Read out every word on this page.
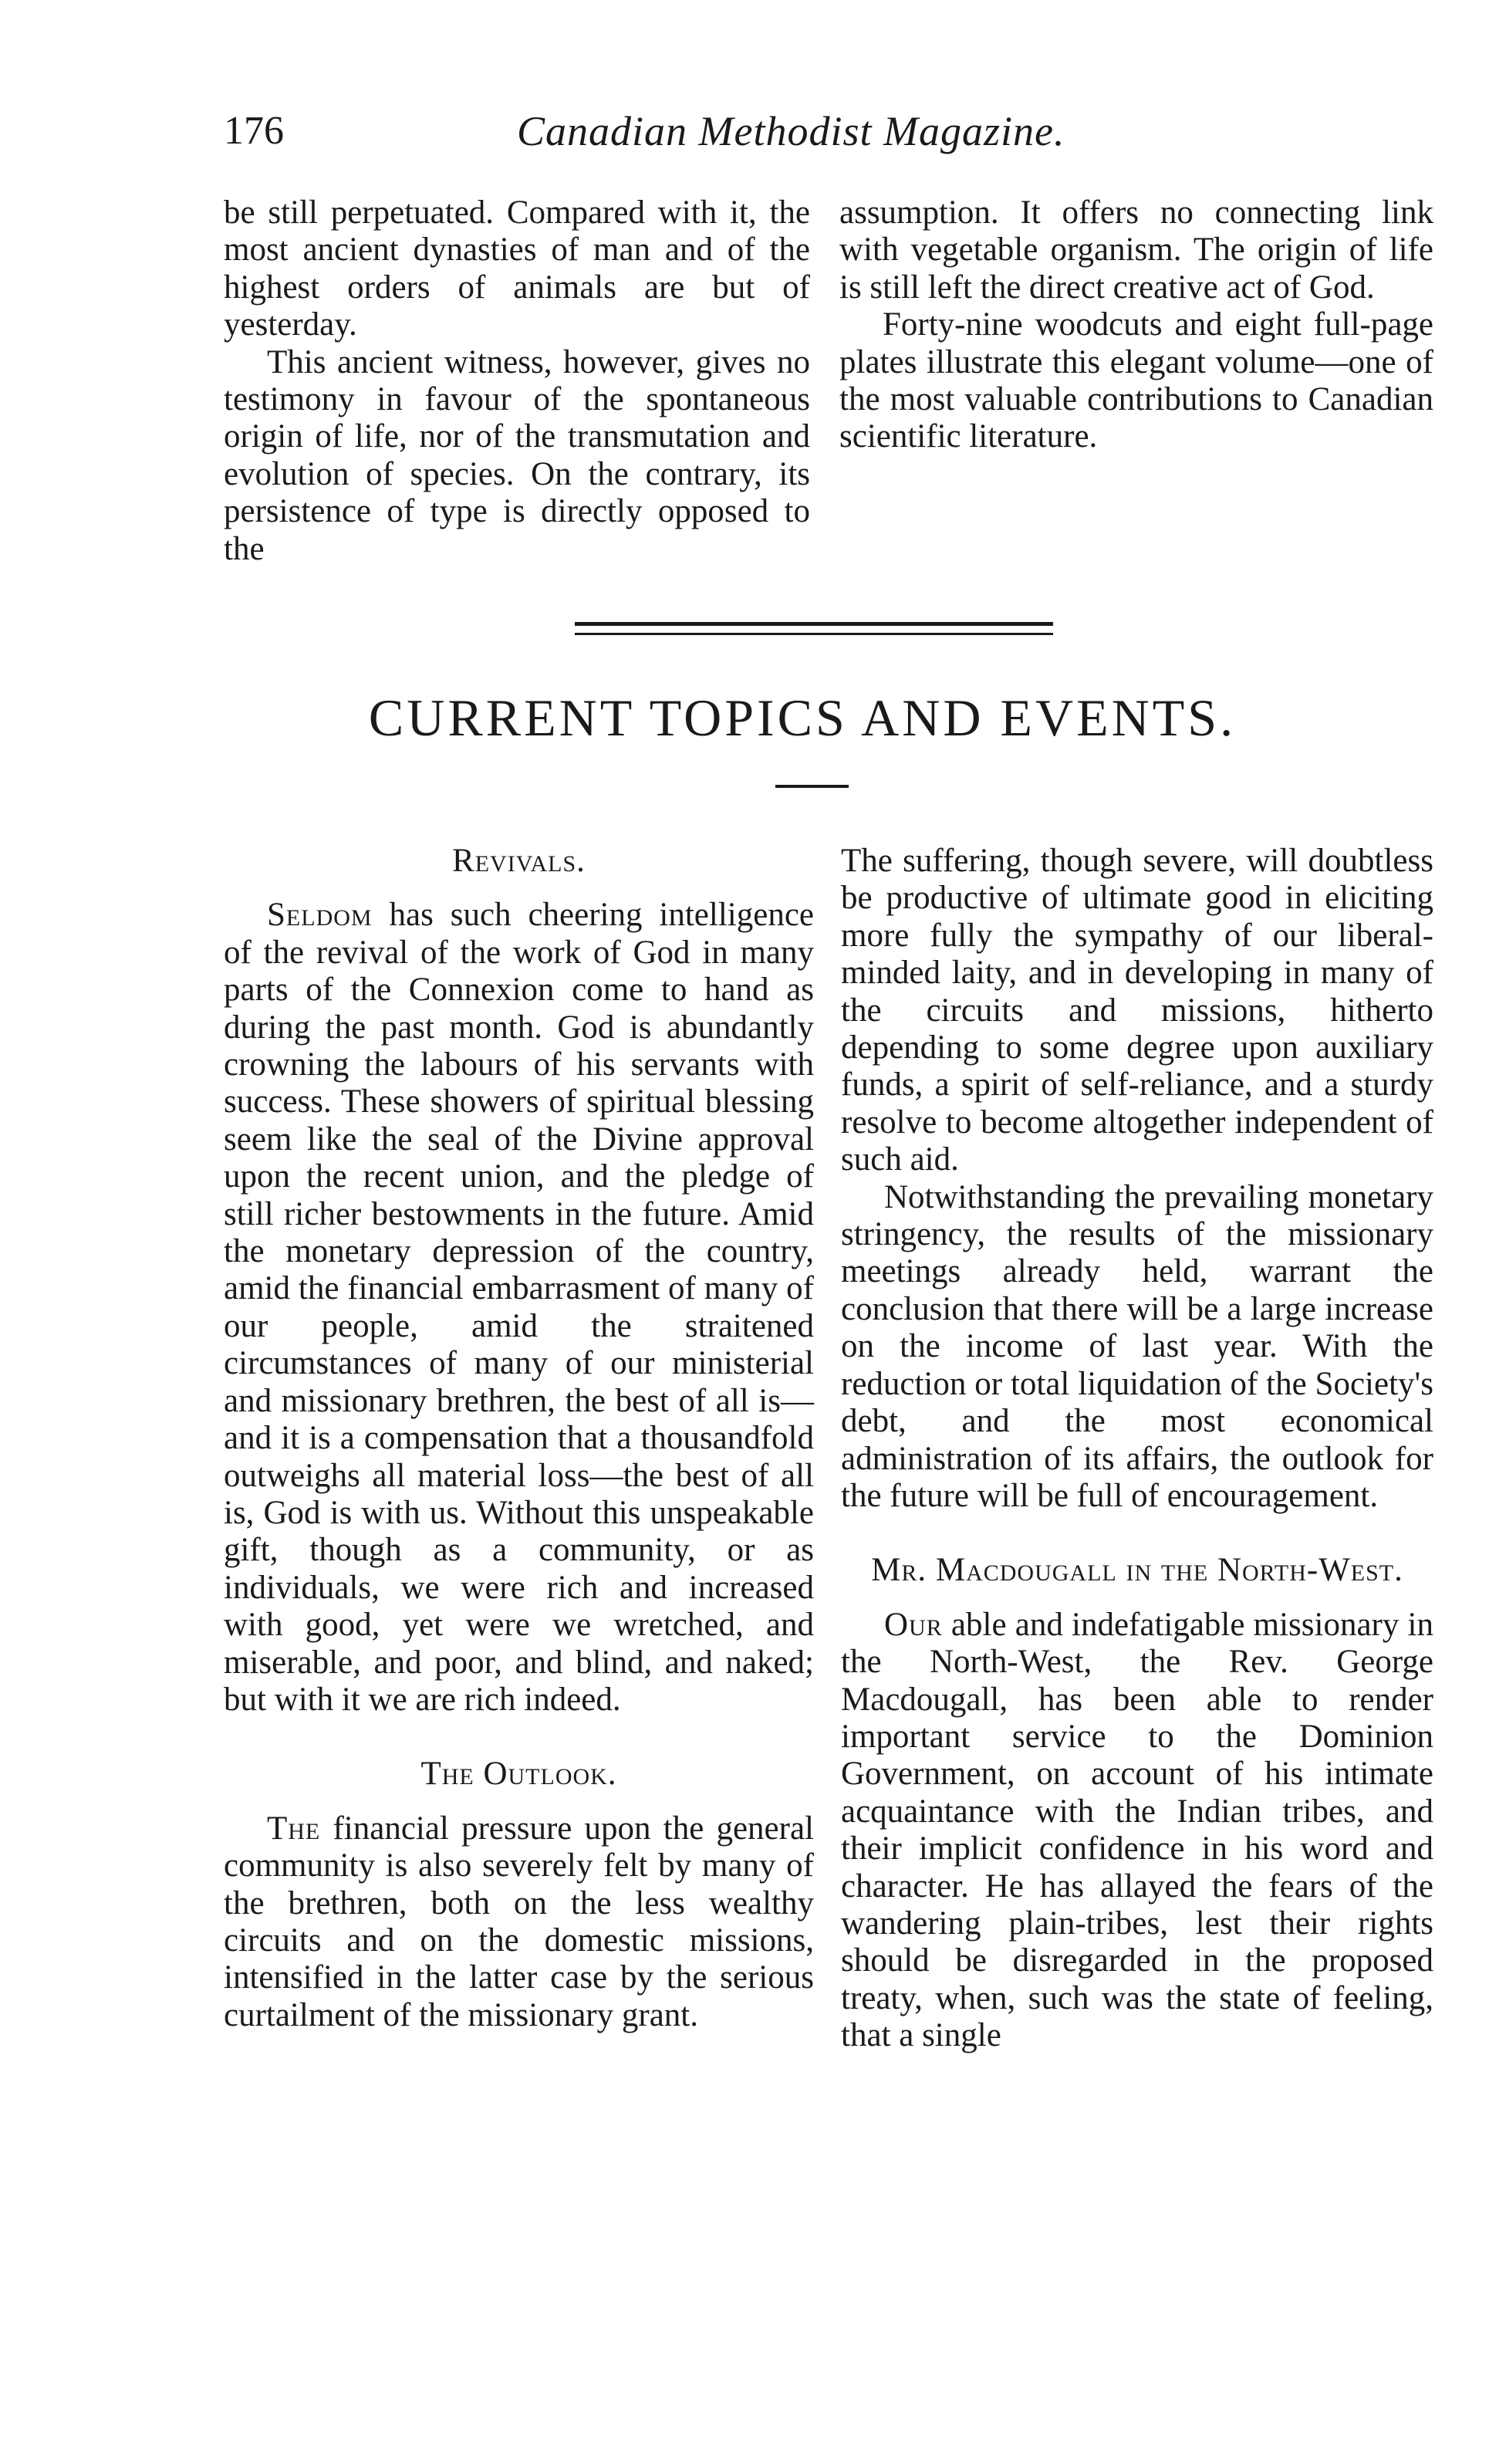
176	Canadian Methodist Magazine.

be still perpetuated. Compared with it, the most ancient dynasties of man and of the highest orders of animals are but of yesterday.

This ancient witness, however, gives no testimony in favour of the spontaneous origin of life, nor of the transmutation and evolution of species. On the contrary, its persistence of type is directly opposed to the

assumption. It offers no connecting link with vegetable organism. The origin of life is still left the direct creative act of God.

Forty-nine woodcuts and eight full-page plates illustrate this elegant volume—one of the most valuable contributions to Canadian scientific literature.

CURRENT TOPICS AND EVENTS.
Revivals.

Seldom has such cheering intelligence of the revival of the work of God in many parts of the Connexion come to hand as during the past month. God is abundantly crowning the labours of his servants with success. These showers of spiritual blessing seem like the seal of the Divine approval upon the recent union, and the pledge of still richer bestowments in the future. Amid the monetary depression of the country, amid the financial embarrasment of many of our people, amid the straitened circumstances of many of our ministerial and missionary brethren, the best of all is—and it is a compensation that a thousandfold outweighs all material loss—the best of all is, God is with us. Without this unspeakable gift, though as a community, or as individuals, we were rich and increased with good, yet were we wretched, and miserable, and poor, and blind, and naked; but with it we are rich indeed.

The Outlook.

The financial pressure upon the general community is also severely felt by many of the brethren, both on the less wealthy circuits and on the domestic missions, intensified in the latter case by the serious curtailment of the missionary grant.

The suffering, though severe, will doubtless be productive of ultimate good in eliciting more fully the sympathy of our liberal-minded laity, and in developing in many of the circuits and missions, hitherto depending to some degree upon auxiliary funds, a spirit of self-reliance, and a sturdy resolve to become altogether independent of such aid.

Notwithstanding the prevailing monetary stringency, the results of the missionary meetings already held, warrant the conclusion that there will be a large increase on the income of last year. With the reduction or total liquidation of the Society's debt, and the most economical administration of its affairs, the outlook for the future will be full of encouragement.

Mr. Macdougall in the North-West.

Our able and indefatigable missionary in the North-West, the Rev. George Macdougall, has been able to render important service to the Dominion Government, on account of his intimate acquaintance with the Indian tribes, and their implicit confidence in his word and character. He has allayed the fears of the wandering plain-tribes, lest their rights should be disregarded in the proposed treaty, when, such was the state of feeling, that a single
